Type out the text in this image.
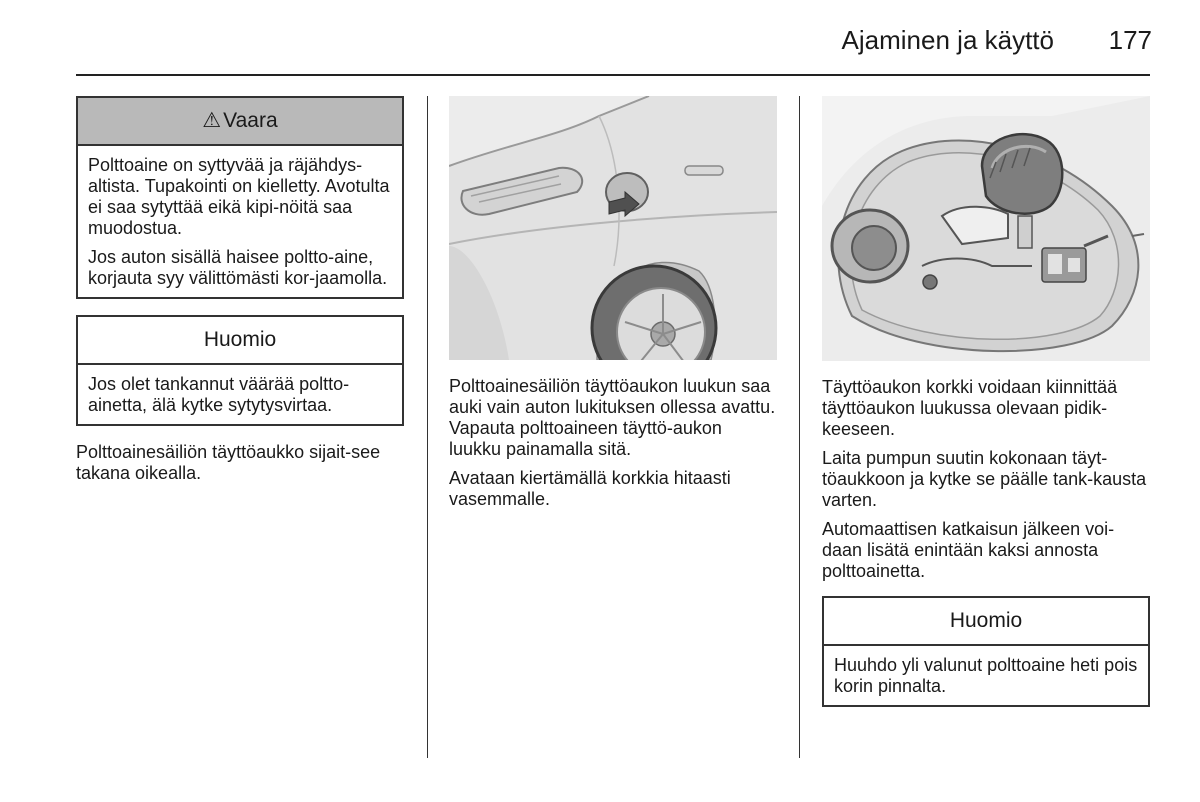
Ajaminen ja käyttö 177
⚠Vaara

Polttoaine on syttyvää ja räjähdys-altista. Tupakointi on kielletty. Avotulta ei saa sytyttää eikä kipi-nöitä saa muodostua.

Jos auton sisällä haisee poltto-aine, korjauta syy välittömästi kor-jaamolla.

Huomio

Jos olet tankannut väärää poltto-ainetta, älä kytke sytytysvirtaa.

Polttoainesäiliön täyttöaukko sijait-see takana oikealla.

Polttoainesäiliön täyttöaukon luukun saa auki vain auton lukituksen ollessa avattu. Vapauta polttoaineen täyttö-aukon luukku painamalla sitä.

Avataan kiertämällä korkkia hitaasti vasemmalle.

Täyttöaukon korkki voidaan kiinnittää täyttöaukon luukussa olevaan pidik-keeseen.

Laita pumpun suutin kokonaan täyt-töaukkoon ja kytke se päälle tank-kausta varten.

Automaattisen katkaisun jälkeen voi-daan lisätä enintään kaksi annosta polttoainetta.

Huomio

Huuhdo yli valunut polttoaine heti pois korin pinnalta.
